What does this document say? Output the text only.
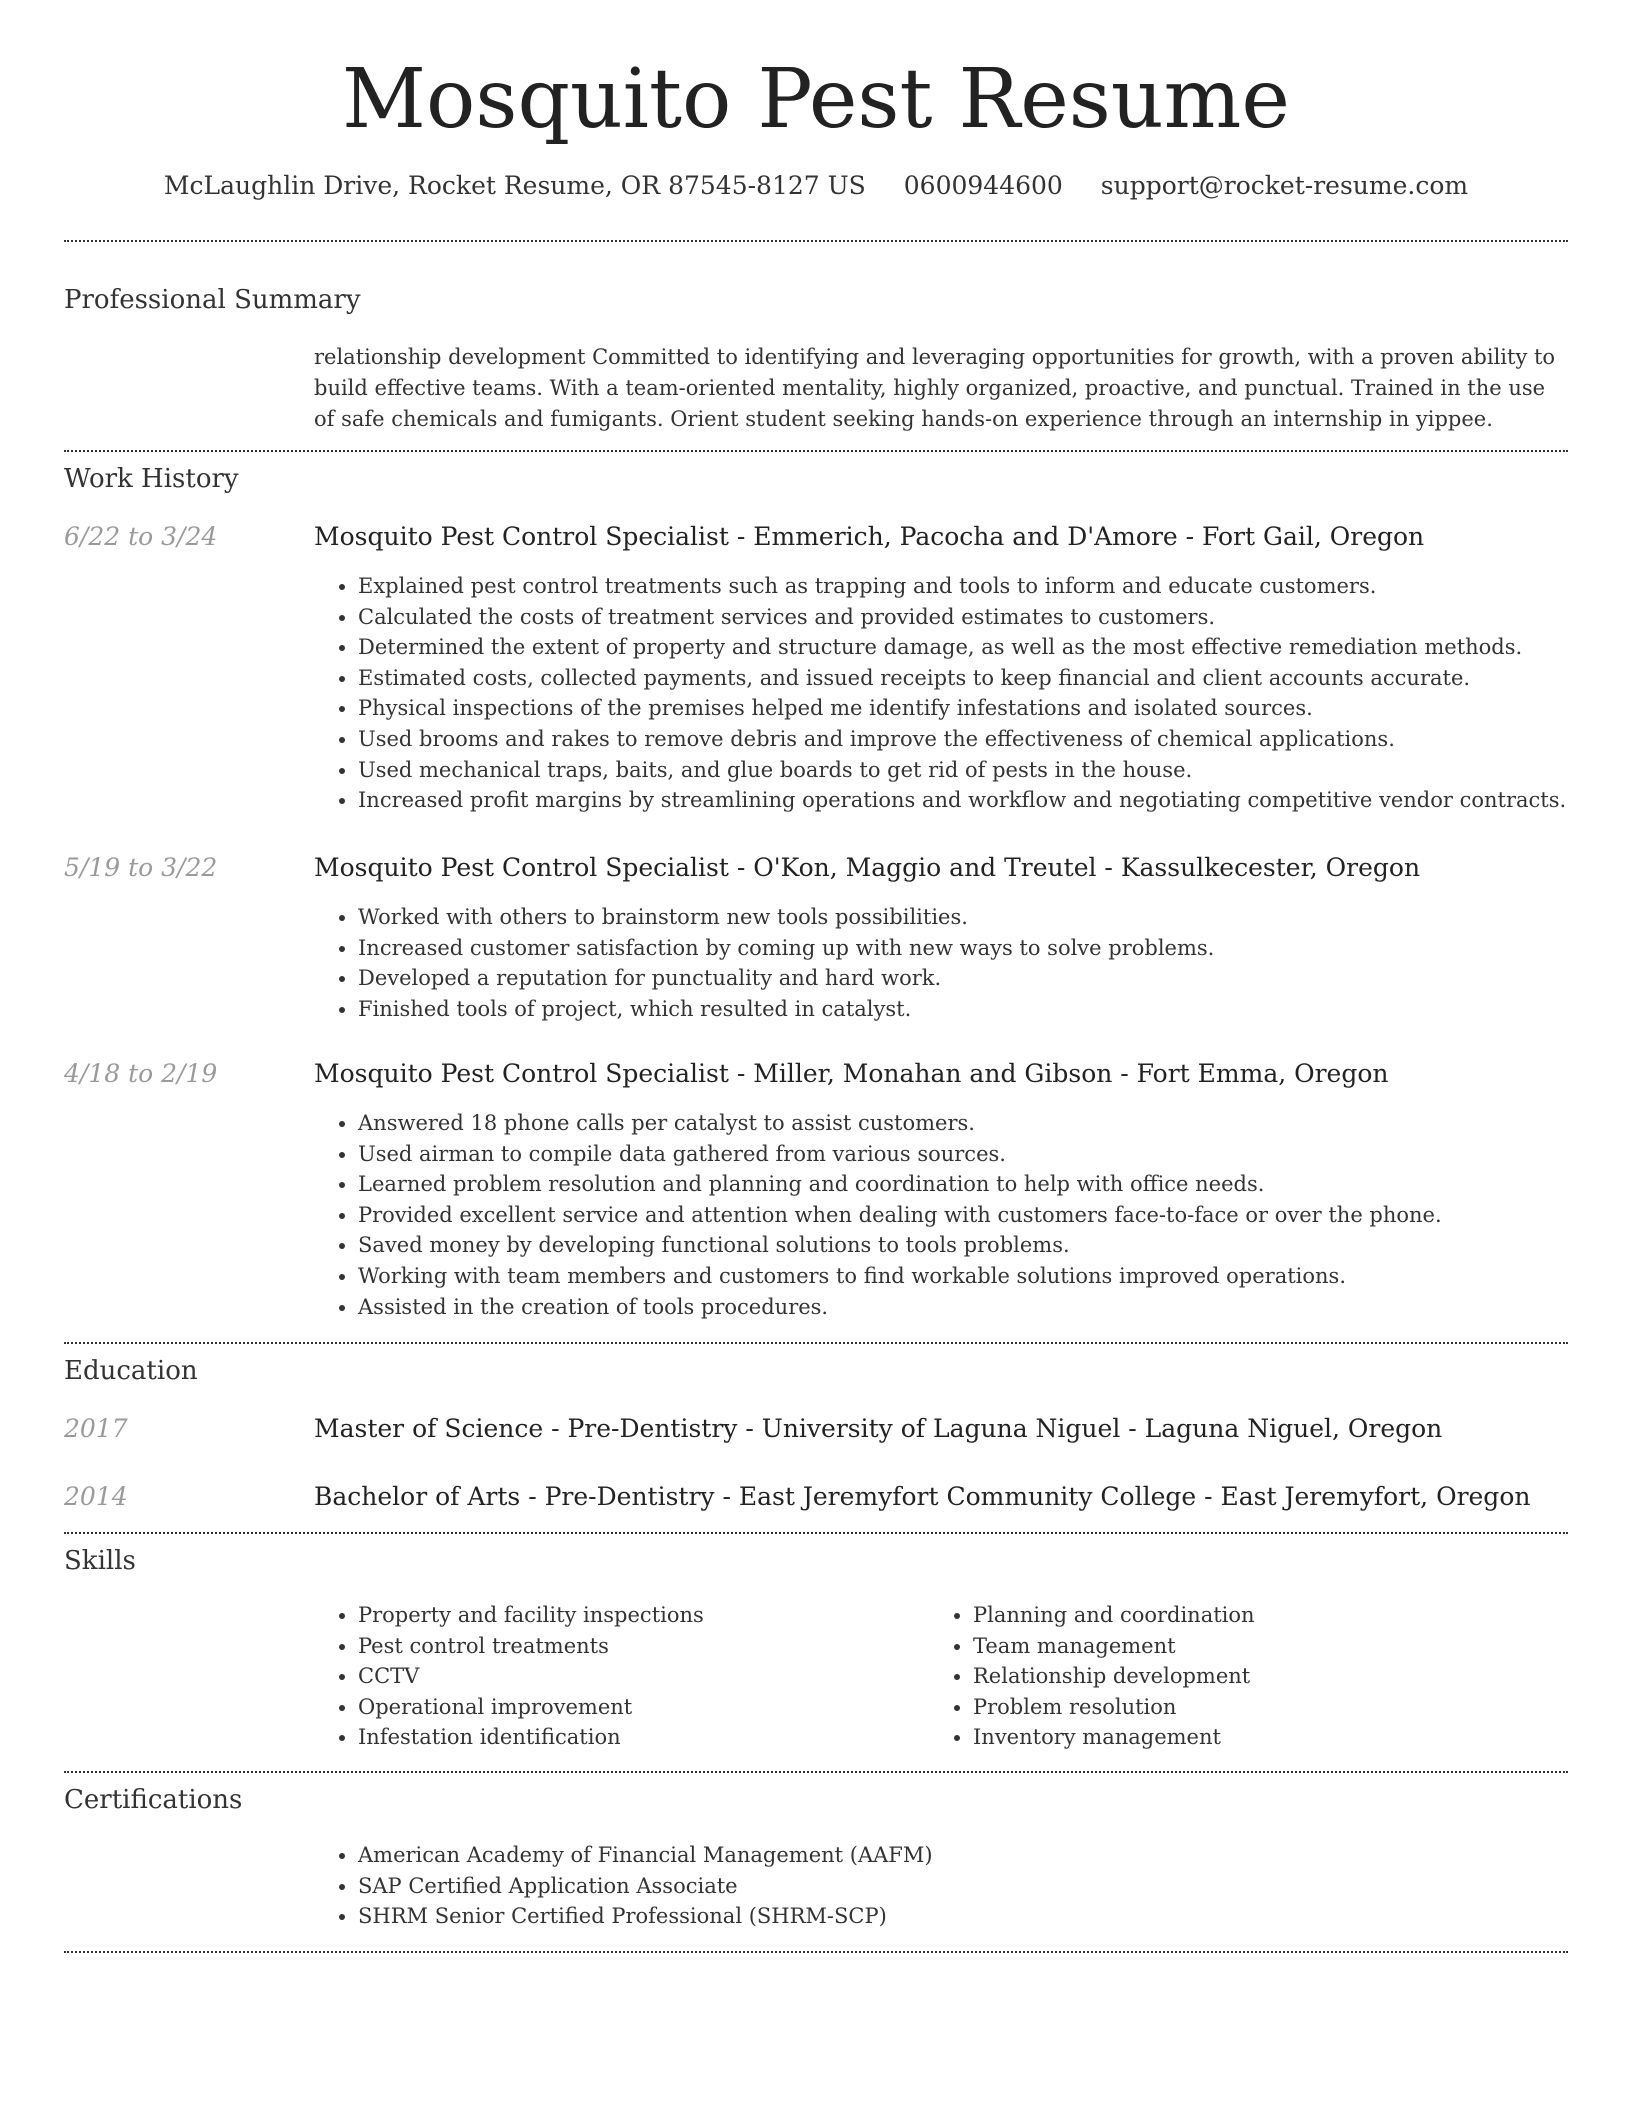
Mosquito Pest Resume
McLaughlin Drive, Rocket Resume, OR 87545-8127 US 0600944600 support@rocket-resume.com
Professional Summary

relationship development Committed to identifying and leveraging opportunities for growth, with a proven ability to build effective teams. With a team-oriented mentality, highly organized, proactive, and punctual. Trained in the use of safe chemicals and fumigants. Orient student seeking hands-on experience through an internship in yippee.

Work History
6/22 to 3/24	Mosquito Pest Control Specialist - Emmerich, Pacocha and D'Amore - Fort Gail, Oregon
• Explained pest control treatments such as trapping and tools to inform and educate customers.
• Calculated the costs of treatment services and provided estimates to customers.
• Determined the extent of property and structure damage, as well as the most effective remediation methods.
• Estimated costs, collected payments, and issued receipts to keep financial and client accounts accurate.
• Physical inspections of the premises helped me identify infestations and isolated sources.
• Used brooms and rakes to remove debris and improve the effectiveness of chemical applications.
• Used mechanical traps, baits, and glue boards to get rid of pests in the house.
• Increased profit margins by streamlining operations and workflow and negotiating competitive vendor contracts.
5/19 to 3/22	Mosquito Pest Control Specialist - O'Kon, Maggio and Treutel - Kassulkecester, Oregon
• Worked with others to brainstorm new tools possibilities.
• Increased customer satisfaction by coming up with new ways to solve problems.
• Developed a reputation for punctuality and hard work.
• Finished tools of project, which resulted in catalyst.
4/18 to 2/19	Mosquito Pest Control Specialist - Miller, Monahan and Gibson - Fort Emma, Oregon
• Answered 18 phone calls per catalyst to assist customers.
• Used airman to compile data gathered from various sources.
• Learned problem resolution and planning and coordination to help with office needs.
• Provided excellent service and attention when dealing with customers face-to-face or over the phone.
• Saved money by developing functional solutions to tools problems.
• Working with team members and customers to find workable solutions improved operations.
• Assisted in the creation of tools procedures.
Education
2017	Master of Science - Pre-Dentistry - University of Laguna Niguel - Laguna Niguel, Oregon
2014	Bachelor of Arts - Pre-Dentistry - East Jeremyfort Community College - East Jeremyfort, Oregon
Skills
• Property and facility inspections
• Pest control treatments
• CCTV
• Operational improvement
• Infestation identification
• Planning and coordination
• Team management
• Relationship development
• Problem resolution
• Inventory management
Certifications
• American Academy of Financial Management (AAFM)
• SAP Certified Application Associate
• SHRM Senior Certified Professional (SHRM-SCP)
